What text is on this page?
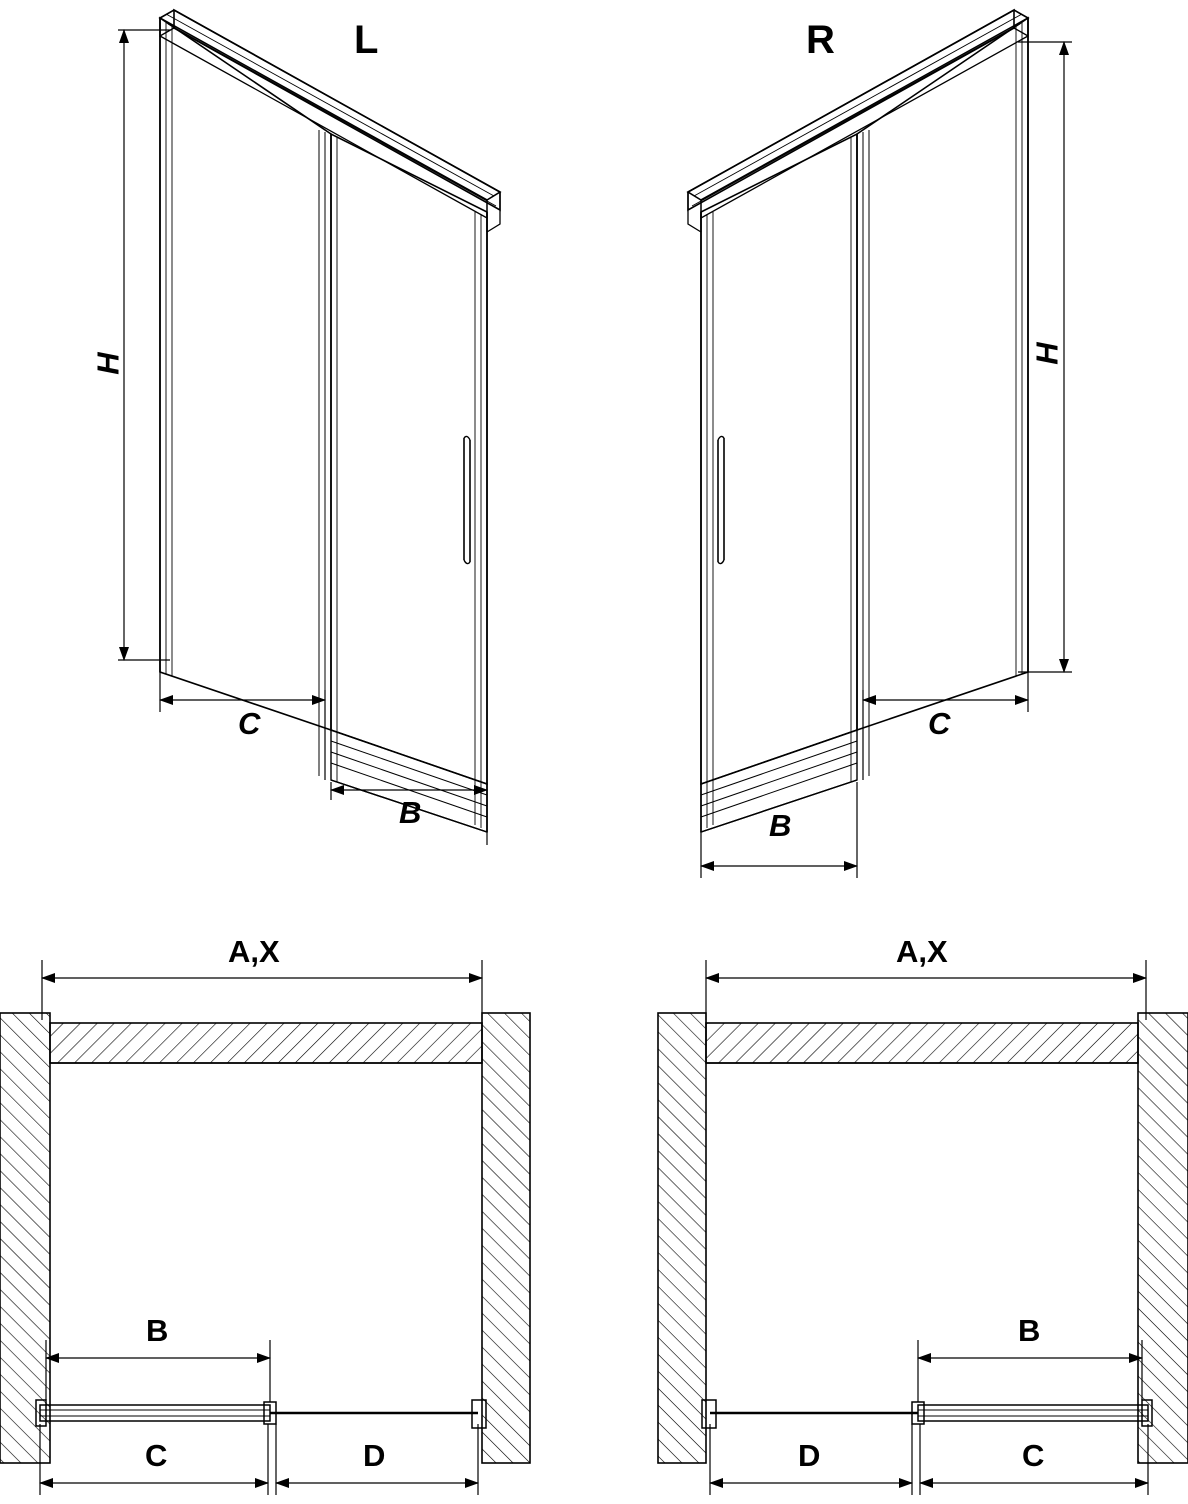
L	R
H	H
C
B
C
B
A,X
B
C	D
A,X
B
D	C
